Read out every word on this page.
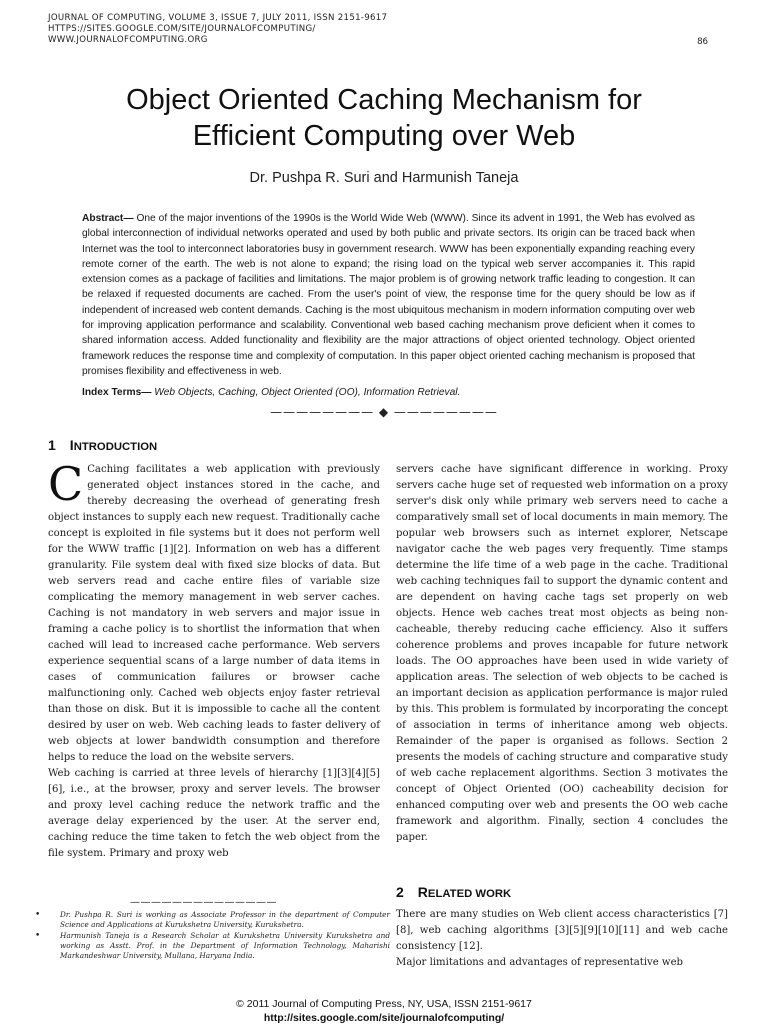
JOURNAL OF COMPUTING, VOLUME 3, ISSUE 7, JULY 2011, ISSN 2151-9617
HTTPS://SITES.GOOGLE.COM/SITE/JOURNALOFCOMPUTING/
WWW.JOURNALOFCOMPUTING.ORG	86
Object Oriented Caching Mechanism for
Efficient Computing over Web
Dr. Pushpa R. Suri and Harmunish Taneja
Abstract— One of the major inventions of the 1990s is the World Wide Web (WWW). Since its advent in 1991, the Web has evolved as global interconnection of individual networks operated and used by both public and private sectors. Its origin can be traced back when Internet was the tool to interconnect laboratories busy in government research. WWW has been exponentially expanding reaching every remote corner of the earth. The web is not alone to expand; the rising load on the typical web server accompanies it. This rapid extension comes as a package of facilities and limitations. The major problem is of growing network traffic leading to congestion. It can be relaxed if requested documents are cached. From the user's point of view, the response time for the query should be low as if independent of increased web content demands. Caching is the most ubiquitous mechanism in modern information computing over web for improving application performance and scalability. Conventional web based caching mechanism prove deficient when it comes to shared information access. Added functionality and flexibility are the major attractions of object oriented technology. Object oriented framework reduces the response time and complexity of computation. In this paper object oriented caching mechanism is proposed that promises flexibility and effectiveness in web.
Index Terms— Web Objects, Caching, Object Oriented (OO), Information Retrieval.
———————— ◆ ————————
1 INTRODUCTION

C Caching facilitates a web application with previously generated object instances stored in the cache, and thereby decreasing the overhead of generating fresh object instances to supply each new request. Traditionally cache concept is exploited in file systems but it does not perform well for the WWW traffic [1][2]. Information on web has a different granularity. File system deal with fixed size blocks of data. But web servers read and cache entire files of variable size complicating the memory management in web server caches. Caching is not mandatory in web servers and major issue in framing a cache policy is to shortlist the information that when cached will lead to increased cache performance. Web servers experience sequential scans of a large number of data items in cases of communication failures or browser cache malfunctioning only. Cached web objects enjoy faster retrieval than those on disk. But it is impossible to cache all the content desired by user on web. Web caching leads to faster delivery of web objects at lower bandwidth consumption and therefore helps to reduce the load on the website servers.

Web caching is carried at three levels of hierarchy [1][3][4][5][6], i.e., at the browser, proxy and server levels. The browser and proxy level caching reduce the network traffic and the average delay experienced by the user. At the server end, caching reduce the time taken to fetch the web object from the file system. Primary and proxy web

servers cache have significant difference in working. Proxy servers cache huge set of requested web information on a proxy server's disk only while primary web servers need to cache a comparatively small set of local documents in main memory. The popular web browsers such as internet explorer, Netscape navigator cache the web pages very frequently. Time stamps determine the life time of a web page in the cache. Traditional web caching techniques fail to support the dynamic content and are dependent on having cache tags set properly on web objects. Hence web caches treat most objects as being non-cacheable, thereby reducing cache efficiency. Also it suffers coherence problems and proves incapable for future network loads. The OO approaches have been used in wide variety of application areas. The selection of web objects to be cached is an important decision as application performance is major ruled by this. This problem is formulated by incorporating the concept of association in terms of inheritance among web objects. Remainder of the paper is organised as follows. Section 2 presents the models of caching structure and comparative study of web cache replacement algorithms. Section 3 motivates the concept of Object Oriented (OO) cacheability decision for enhanced computing over web and presents the OO web cache framework and algorithm. Finally, section 4 concludes the paper.

2 RELATED WORK

There are many studies on Web client access characteristics [7][8], web caching algorithms [3][5][9][10][11] and web cache consistency [12].

Major limitations and advantages of representative web

——————————————
•	Dr. Pushpa R. Suri is working as Associate Professor in the department of Computer Science and Applications at Kurukshetra University, Kurukshetra.
•	Harmunish Taneja is a Research Scholar at Kurukshetra University Kurukshetra and working as Asstt. Prof. in the Department of Information Technology, Maharishi Markandeshwar University, Mullana, Haryana India.
© 2011 Journal of Computing Press, NY, USA, ISSN 2151-9617
http://sites.google.com/site/journalofcomputing/
